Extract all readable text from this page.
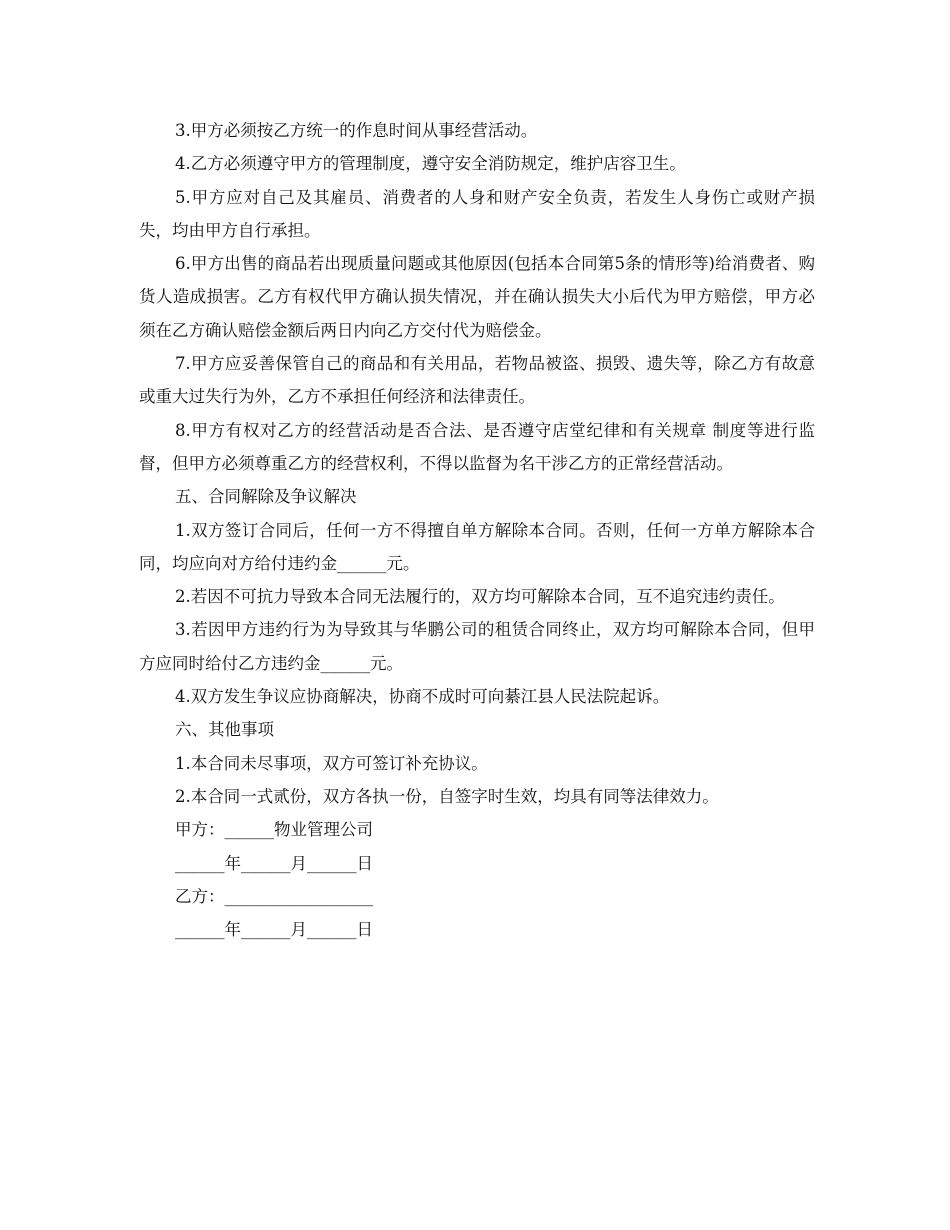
3.甲方必须按乙方统一的作息时间从事经营活动。

4.乙方必须遵守甲方的管理制度，遵守安全消防规定，维护店容卫生。

5.甲方应对自己及其雇员、消费者的人身和财产安全负责，若发生人身伤亡或财产损失，均由甲方自行承担。

6.甲方出售的商品若出现质量问题或其他原因(包括本合同第5条的情形等)给消费者、购货人造成损害。乙方有权代甲方确认损失情况，并在确认损失大小后代为甲方赔偿，甲方必须在乙方确认赔偿金额后两日内向乙方交付代为赔偿金。

7.甲方应妥善保管自己的商品和有关用品，若物品被盗、损毁、遗失等，除乙方有故意或重大过失行为外，乙方不承担任何经济和法律责任。

8.甲方有权对乙方的经营活动是否合法、是否遵守店堂纪律和有关规章 制度等进行监督，但甲方必须尊重乙方的经营权利，不得以监督为名干涉乙方的正常经营活动。

五、合同解除及争议解决

1.双方签订合同后，任何一方不得擅自单方解除本合同。否则，任何一方单方解除本合同，均应向对方给付违约金______元。

2.若因不可抗力导致本合同无法履行的，双方均可解除本合同，互不追究违约责任。

3.若因甲方违约行为为导致其与华鹏公司的租赁合同终止，双方均可解除本合同，但甲方应同时给付乙方违约金______元。

4.双方发生争议应协商解决，协商不成时可向綦江县人民法院起诉。

六、其他事项

1.本合同未尽事项，双方可签订补充协议。

2.本合同一式贰份，双方各执一份，自签字时生效，均具有同等法律效力。

甲方：______物业管理公司

______年______月______日

乙方：__________________

______年______月______日
